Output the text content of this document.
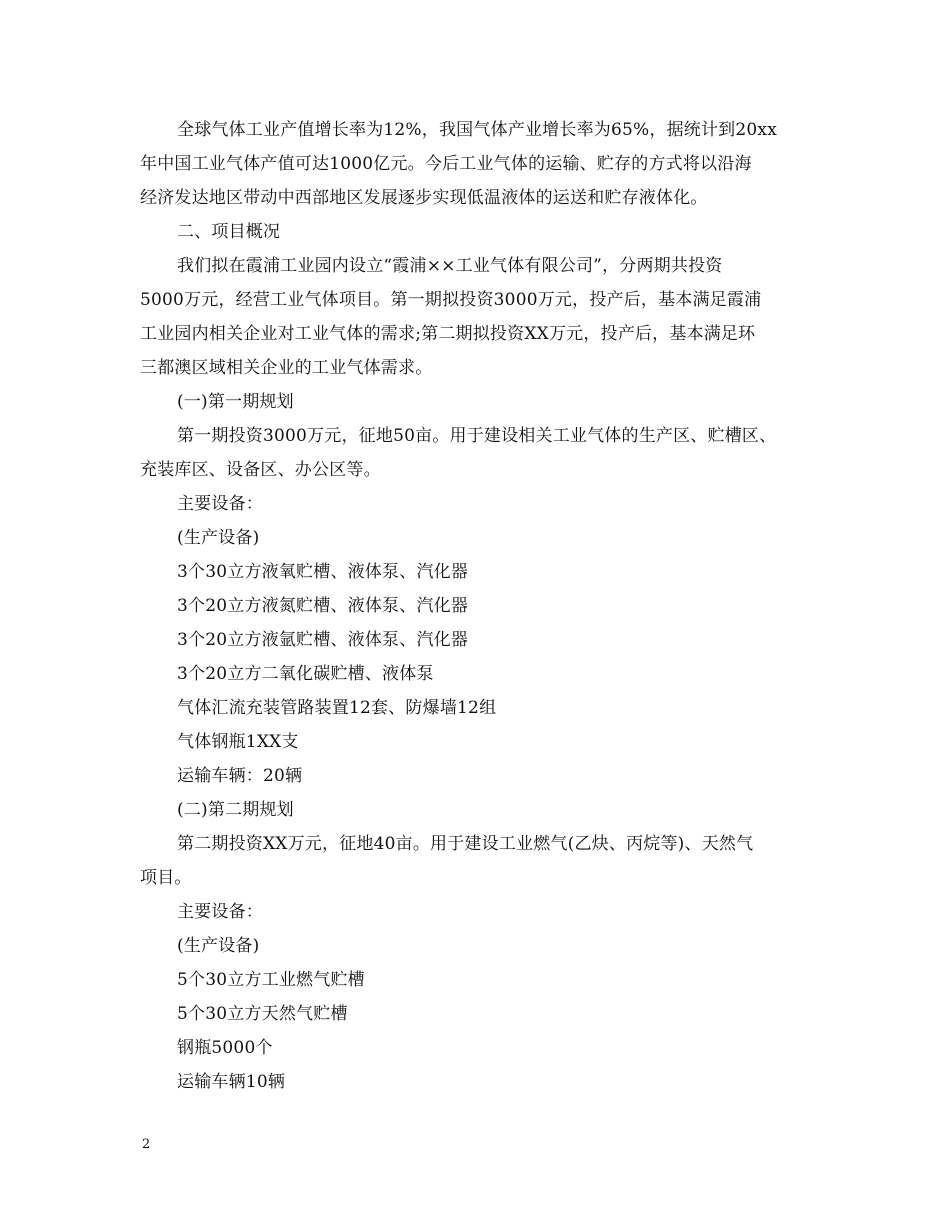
全球气体工业产值增长率为12%，我国气体产业增长率为65%，据统计到20xx
年中国工业气体产值可达1000亿元。今后工业气体的运输、贮存的方式将以沿海
经济发达地区带动中西部地区发展逐步实现低温液体的运送和贮存液体化。
二、项目概况
我们拟在霞浦工业园内设立“霞浦××工业气体有限公司”，分两期共投资
5000万元，经营工业气体项目。第一期拟投资3000万元，投产后，基本满足霞浦
工业园内相关企业对工业气体的需求;第二期拟投资XX万元，投产后，基本满足环
三都澳区域相关企业的工业气体需求。
(一)第一期规划
第一期投资3000万元，征地50亩。用于建设相关工业气体的生产区、贮槽区、
充装库区、设备区、办公区等。
主要设备：
(生产设备)
3个30立方液氧贮槽、液体泵、汽化器
3个20立方液氮贮槽、液体泵、汽化器
3个20立方液氩贮槽、液体泵、汽化器
3个20立方二氧化碳贮槽、液体泵
气体汇流充装管路装置12套、防爆墙12组
气体钢瓶1XX支
运输车辆：20辆
(二)第二期规划
第二期投资XX万元，征地40亩。用于建设工业燃气(乙炔、丙烷等)、天然气
项目。
主要设备：
(生产设备)
5个30立方工业燃气贮槽
5个30立方天然气贮槽
钢瓶5000个
运输车辆10辆
2
